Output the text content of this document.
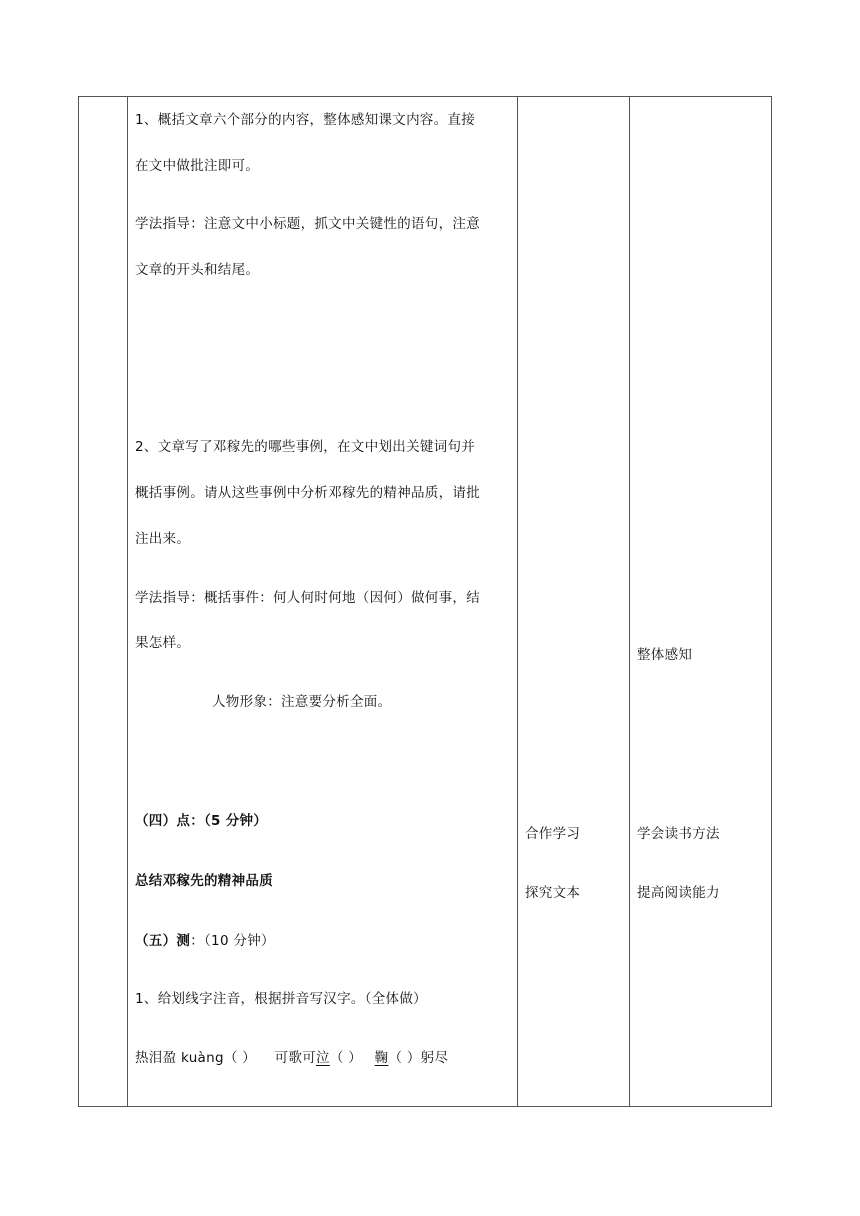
1、概括文章六个部分的内容，整体感知课文内容。直接
在文中做批注即可。
学法指导：注意文中小标题，抓文中关键性的语句，注意
文章的开头和结尾。
2、文章写了邓稼先的哪些事例，在文中划出关键词句并
概括事例。请从这些事例中分析邓稼先的精神品质，请批
注出来。
学法指导：概括事件：何人何时何地（因何）做何事，结
果怎样。
人物形象：注意要分析全面。
（四）点：（5 分钟）
总结邓稼先的精神品质
（五）测：（10 分钟）
1、给划线字注音，根据拼音写汉字。（全体做）
热泪盈 kuàng（ ） 可歌可泣（ ） 鞠（ ）躬尽
合作学习
探究文本
整体感知
学会读书方法
提高阅读能力
